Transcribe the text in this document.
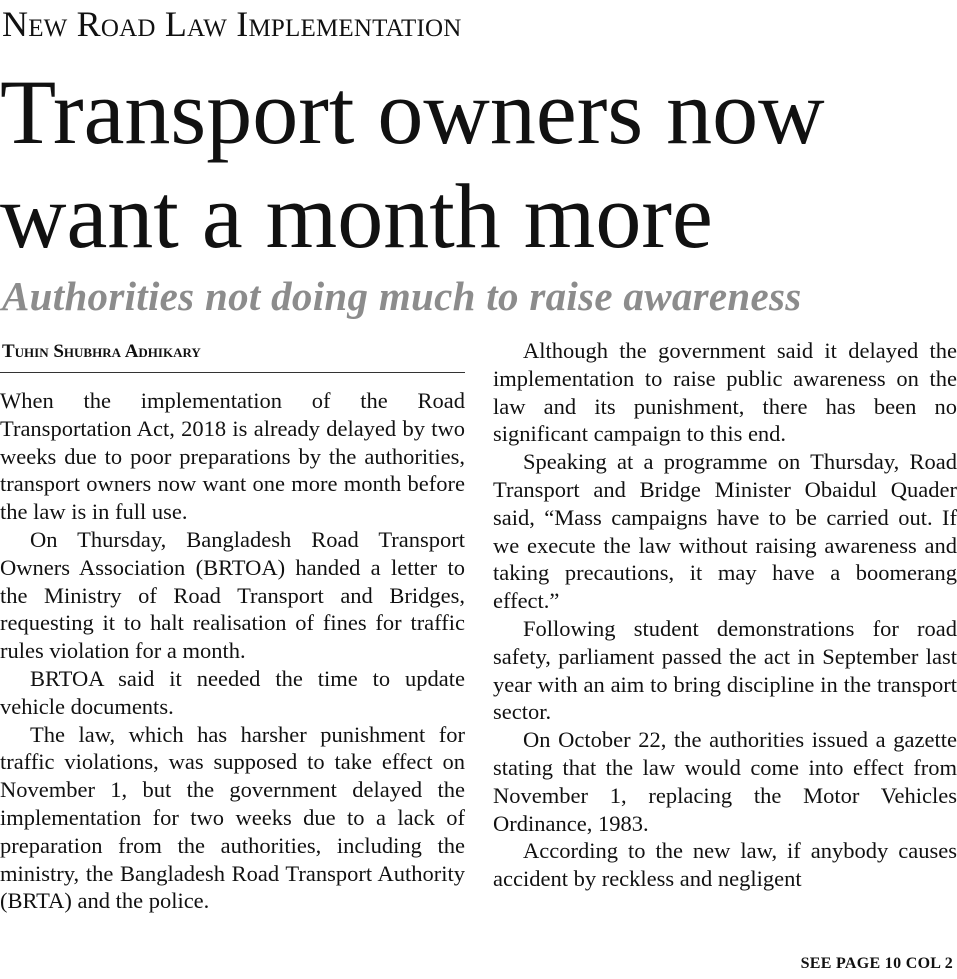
New Road Law Implementation
Transport owners now
want a month more
Authorities not doing much to raise awareness
Tuhin Shubhra Adhikary

When the implementation of the Road Transportation Act, 2018 is already delayed by two weeks due to poor preparations by the authorities, transport owners now want one more month before the law is in full use.

On Thursday, Bangladesh Road Transport Owners Association (BRTOA) handed a letter to the Ministry of Road Transport and Bridges, requesting it to halt realisation of fines for traffic rules violation for a month.

BRTOA said it needed the time to update vehicle documents.

The law, which has harsher punishment for traffic violations, was supposed to take effect on November 1, but the government delayed the implementation for two weeks due to a lack of preparation from the authorities, including the ministry, the Bangladesh Road Transport Authority (BRTA) and the police.

Although the government said it delayed the implementation to raise public awareness on the law and its punishment, there has been no significant campaign to this end.

Speaking at a programme on Thursday, Road Transport and Bridge Minister Obaidul Quader said, “Mass campaigns have to be carried out. If we execute the law without raising awareness and taking precautions, it may have a boomerang effect.”

Following student demonstrations for road safety, parliament passed the act in September last year with an aim to bring discipline in the transport sector.

On October 22, the authorities issued a gazette stating that the law would come into effect from November 1, replacing the Motor Vehicles Ordinance, 1983.

According to the new law, if anybody causes accident by reckless and negligent

SEE PAGE 10 COL 2
